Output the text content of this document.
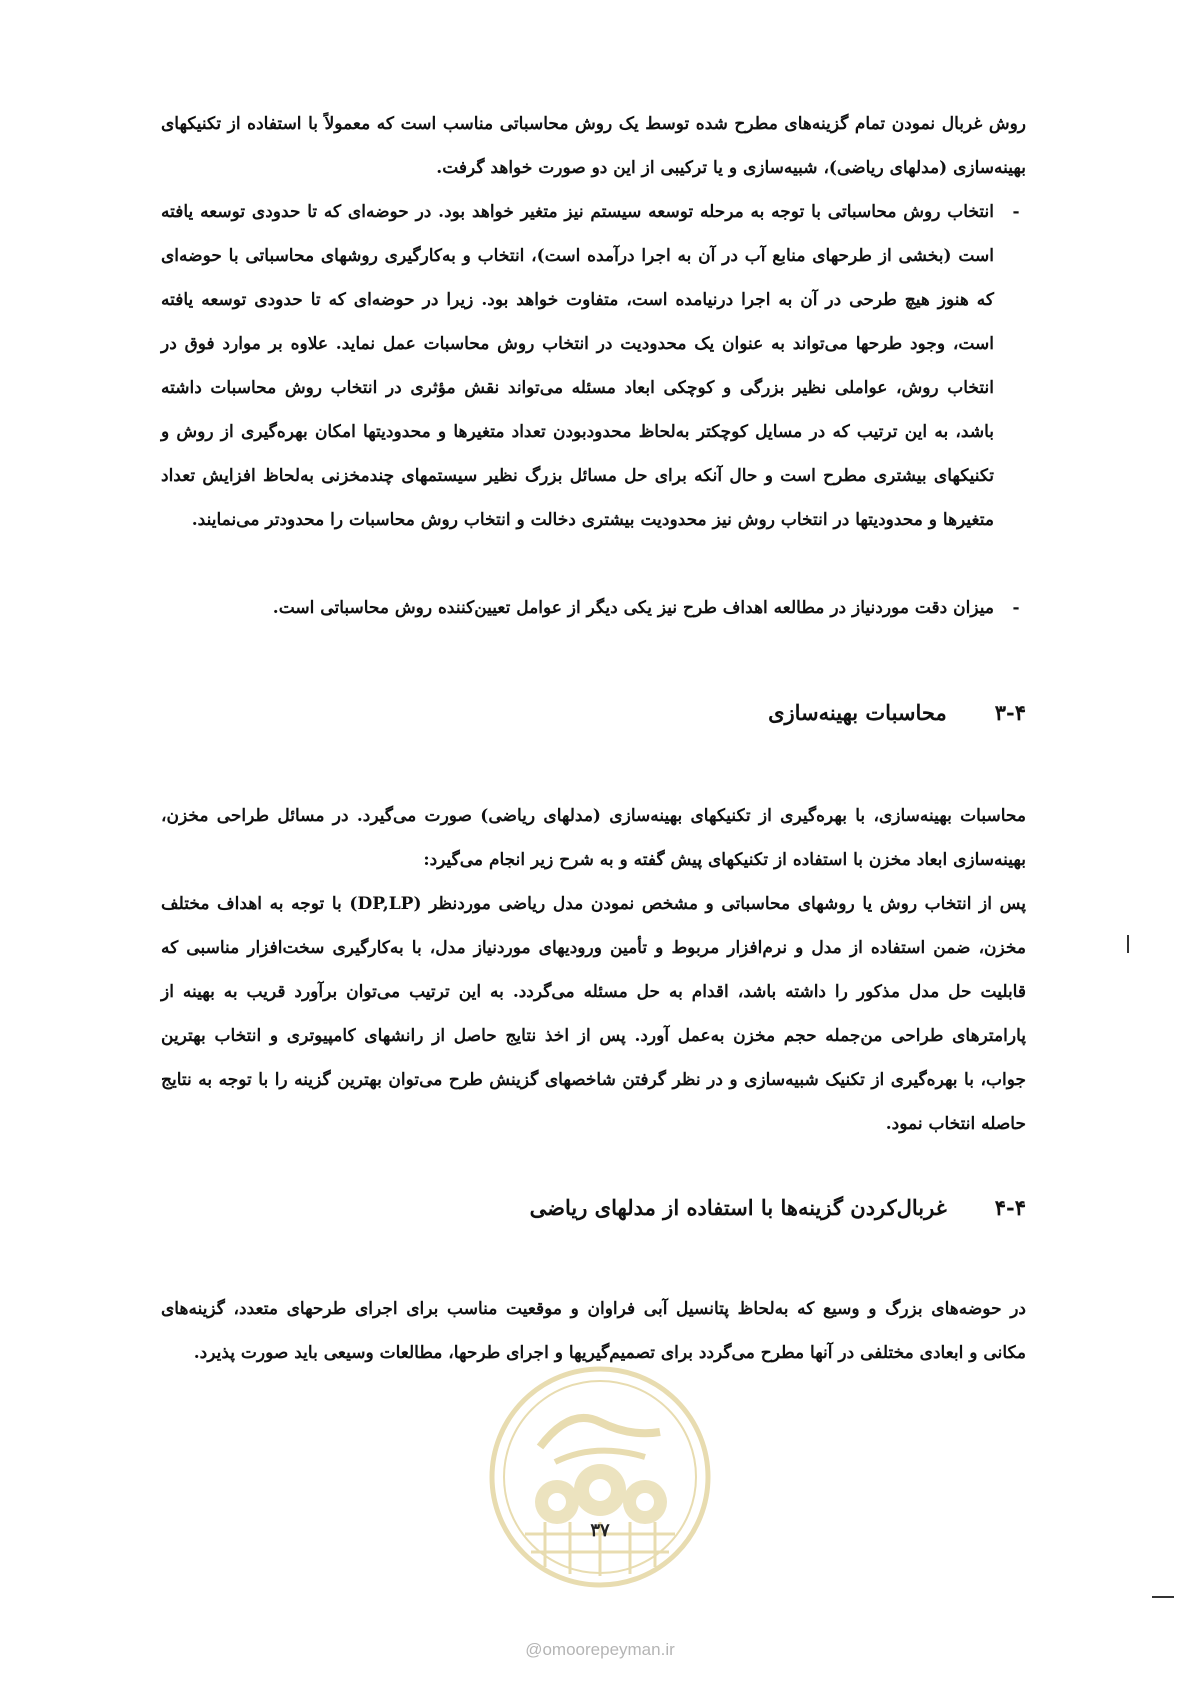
روش غربال نمودن تمام گزینه‌های مطرح شده توسط یک روش محاسباتی مناسب است که معمولاً با استفاده از تکنیکهای بهینه‌سازی (مدلهای ریاضی)، شبیه‌سازی و یا ترکیبی از این دو صورت خواهد گرفت.

-
انتخاب روش محاسباتی با توجه به مرحله توسعه سیستم نیز متغیر خواهد بود. در حوضه‌ای که تا حدودی توسعه یافته است (بخشی از طرحهای منابع آب در آن به اجرا درآمده است)، انتخاب و به‌کارگیری روشهای محاسباتی با حوضه‌ای که هنوز هیچ طرحی در آن به اجرا درنیامده است، متفاوت خواهد بود. زیرا در حوضه‌ای که تا حدودی توسعه یافته است، وجود طرحها می‌تواند به عنوان یک محدودیت در انتخاب روش محاسبات عمل نماید. علاوه بر موارد فوق در انتخاب روش، عواملی نظیر بزرگی و کوچکی ابعاد مسئله می‌تواند نقش مؤثری در انتخاب روش محاسبات داشته باشد، به این ترتیب که در مسایل کوچکتر به‌لحاظ محدودبودن تعداد متغیرها و محدودیتها امکان بهره‌گیری از روش و تکنیکهای بیشتری مطرح است و حال آنکه برای حل مسائل بزرگ نظیر سیستمهای چندمخزنی به‌لحاظ افزایش تعداد متغیرها و محدودیتها در انتخاب روش نیز محدودیت بیشتری دخالت و انتخاب روش محاسبات را محدودتر می‌نمایند.
-
میزان دقت موردنیاز در مطالعه اهداف طرح نیز یکی دیگر از عوامل تعیین‌کننده روش محاسباتی است.
۳-۴محاسبات بهینه‌سازی

محاسبات بهینه‌سازی، با بهره‌گیری از تکنیکهای بهینه‌سازی (مدلهای ریاضی) صورت می‌گیرد. در مسائل طراحی مخزن، بهینه‌سازی ابعاد مخزن با استفاده از تکنیکهای پیش گفته و به شرح زیر انجام می‌گیرد:

پس از انتخاب روش یا روشهای محاسباتی و مشخص نمودن مدل ریاضی موردنظر (DP,LP) با توجه به اهداف مختلف مخزن، ضمن استفاده از مدل و نرم‌افزار مربوط و تأمین ورودیهای موردنیاز مدل، با به‌کارگیری سخت‌افزار مناسبی که قابلیت حل مدل مذکور را داشته باشد، اقدام به حل مسئله می‌گردد. به این ترتیب می‌توان برآورد قریب به بهینه از پارامترهای طراحی من‌جمله حجم مخزن به‌عمل آورد. پس از اخذ نتایج حاصل از رانشهای کامپیوتری و انتخاب بهترین جواب، با بهره‌گیری از تکنیک شبیه‌سازی و در نظر گرفتن شاخصهای گزینش طرح می‌توان بهترین گزینه را با توجه به نتایج حاصله انتخاب نمود.

۴-۴غربال‌کردن گزینه‌ها با استفاده از مدلهای ریاضی

در حوضه‌های بزرگ و وسیع که به‌لحاظ پتانسیل آبی فراوان و موقعیت مناسب برای اجرای طرحهای متعدد، گزینه‌های مکانی و ابعادی مختلفی در آنها مطرح می‌گردد برای تصمیم‌گیریها و اجرای طرحها، مطالعات وسیعی باید صورت پذیرد.

۳۷
@omoorepeyman.ir
